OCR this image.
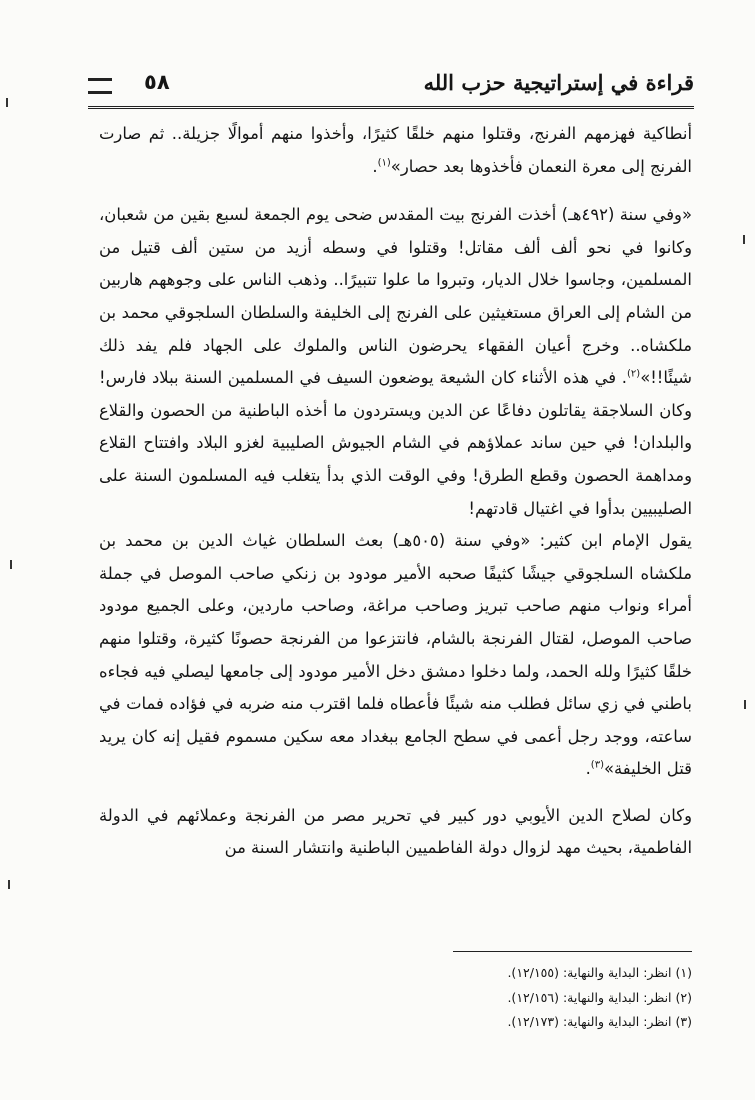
قراءة في إستراتيجية حزب الله
٥٨

أنطاكية فهزمهم الفرنج، وقتلوا منهم خلقًا كثيرًا، وأخذوا منهم أموالًا جزيلة.. ثم صارت الفرنج إلى معرة النعمان فأخذوها بعد حصار»$^{(١)}$.

«وفي سنة (٤٩٢هـ) أخذت الفرنج بيت المقدس ضحى يوم الجمعة لسبع بقين من شعبان، وكانوا في نحو ألف ألف مقاتل! وقتلوا في وسطه أزيد من ستين ألف قتيل من المسلمين، وجاسوا خلال الديار، وتبروا ما علوا تتبيرًا.. وذهب الناس على وجوههم هاربين من الشام إلى العراق مستغيثين على الفرنج إلى الخليفة والسلطان السلجوقي محمد بن ملكشاه.. وخرج أعيان الفقهاء يحرضون الناس والملوك على الجهاد فلم يفد ذلك شيئًا!!»$^{(٢)}$. في هذه الأثناء كان الشيعة يوضعون السيف في المسلمين السنة ببلاد فارس! وكان السلاجقة يقاتلون دفاعًا عن الدين ويستردون ما أخذه الباطنية من الحصون والقلاع والبلدان! في حين ساند عملاؤهم في الشام الجيوش الصليبية لغزو البلاد وافتتاح القلاع ومداهمة الحصون وقطع الطرق! وفي الوقت الذي بدأ يتغلب فيه المسلمون السنة على الصليبيين بدأوا في اغتيال قادتهم!

يقول الإمام ابن كثير: «وفي سنة (٥٠٥هـ) بعث السلطان غياث الدين بن محمد بن ملكشاه السلجوقي جيشًا كثيفًا صحبه الأمير مودود بن زنكي صاحب الموصل في جملة أمراء ونواب منهم صاحب تبريز وصاحب مراغة، وصاحب ماردين، وعلى الجميع مودود صاحب الموصل، لقتال الفرنجة بالشام، فانتزعوا من الفرنجة حصونًا كثيرة، وقتلوا منهم خلقًا كثيرًا ولله الحمد، ولما دخلوا دمشق دخل الأمير مودود إلى جامعها ليصلي فيه فجاءه باطني في زي سائل فطلب منه شيئًا فأعطاه فلما اقترب منه ضربه في فؤاده فمات في ساعته، ووجد رجل أعمى في سطح الجامع ببغداد معه سكين مسموم فقيل إنه كان يريد قتل الخليفة»$^{(٣)}$.

وكان لصلاح الدين الأيوبي دور كبير في تحرير مصر من الفرنجة وعملائهم في الدولة الفاطمية، بحيث مهد لزوال دولة الفاطميين الباطنية وانتشار السنة من

(١) انظر: البداية والنهاية: (١٢/١٥٥).
(٢) انظر: البداية والنهاية: (١٢/١٥٦).
(٣) انظر: البداية والنهاية: (١٢/١٧٣).
